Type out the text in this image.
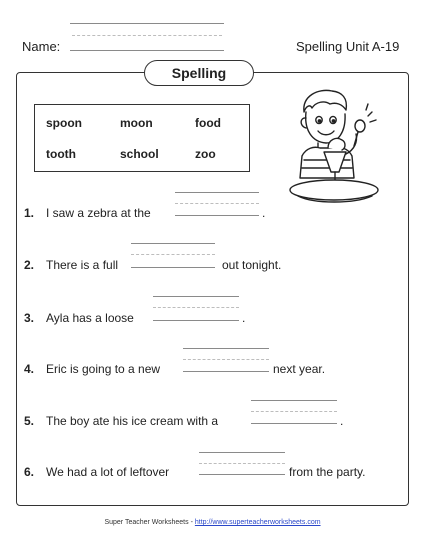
Name:	Spelling Unit A-19
Spelling
spoon	moon	food
tooth	school	zoo
1. I saw a zebra at the	.
2. There is a full	out tonight.
3. Ayla has a loose	.
4. Eric is going to a new	next year.
5. The boy ate his ice cream with a	.
6. We had a lot of leftover	from the party.
Super Teacher Worksheets - http://www.superteacherworksheets.com
